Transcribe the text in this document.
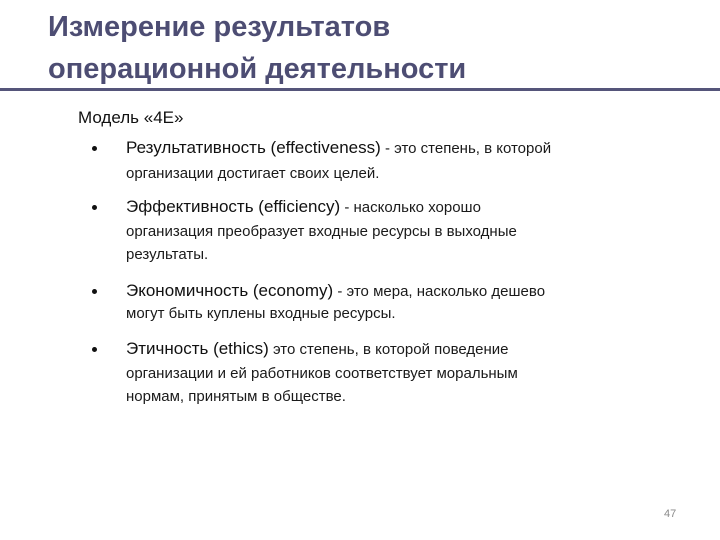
Измерение результатов
операционной деятельности
Модель «4Е»
Результативность (effectiveness) - это степень, в которой
организации достигает своих целей.
Эффективность (efficiency) - насколько хорошо
организация преобразует входные ресурсы в выходные
результаты.
Экономичность (economy) - это мера, насколько дешево
могут быть куплены входные ресурсы.
Этичность (ethics) это степень, в которой поведение
организации и ей работников соответствует моральным
нормам, принятым в обществе.
47
